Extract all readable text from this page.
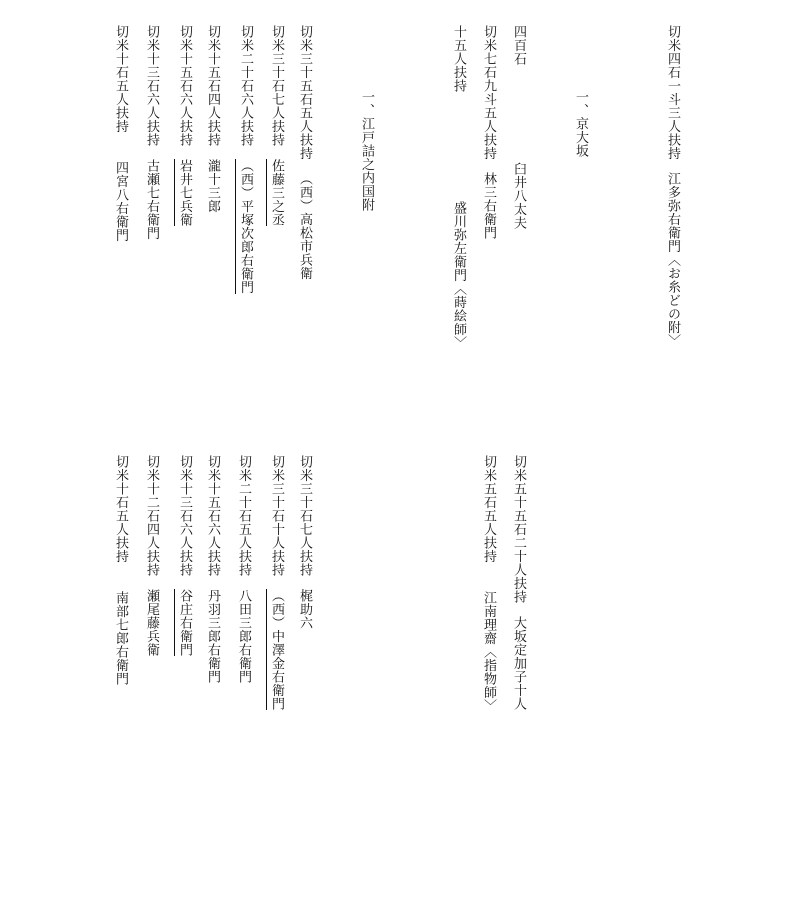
切米四石一斗三人扶持江多弥右衛門〈お糸どの附〉
一、京大坂
四百石臼井八太夫
切米七石九斗五人扶持林三右衛門
十五人扶持盛川弥左衛門〈蒔絵師〉
一、江戸詰之内国附
切米三十五石五人扶持（西）高松市兵衛
切米三十石七人扶持佐藤三之丞
切米二十石六人扶持（西）平塚次郎右衛門
切米十五石四人扶持瀧十三郎
切米十五石六人扶持岩井七兵衛
切米十三石六人扶持古瀬七右衛門
切米十石五人扶持四宮八右衛門
切米五十五石二十人扶持大坂定加子十人
切米五石五人扶持江南理齋〈指物師〉
切米三十石七人扶持梶助六
切米三十石十人扶持（西）中澤金右衛門
切米二十石五人扶持八田三郎右衛門
切米十五石六人扶持丹羽三郎右衛門
切米十三石六人扶持谷庄右衛門
切米十二石四人扶持瀬尾藤兵衛
切米十石五人扶持南部七郎右衛門
